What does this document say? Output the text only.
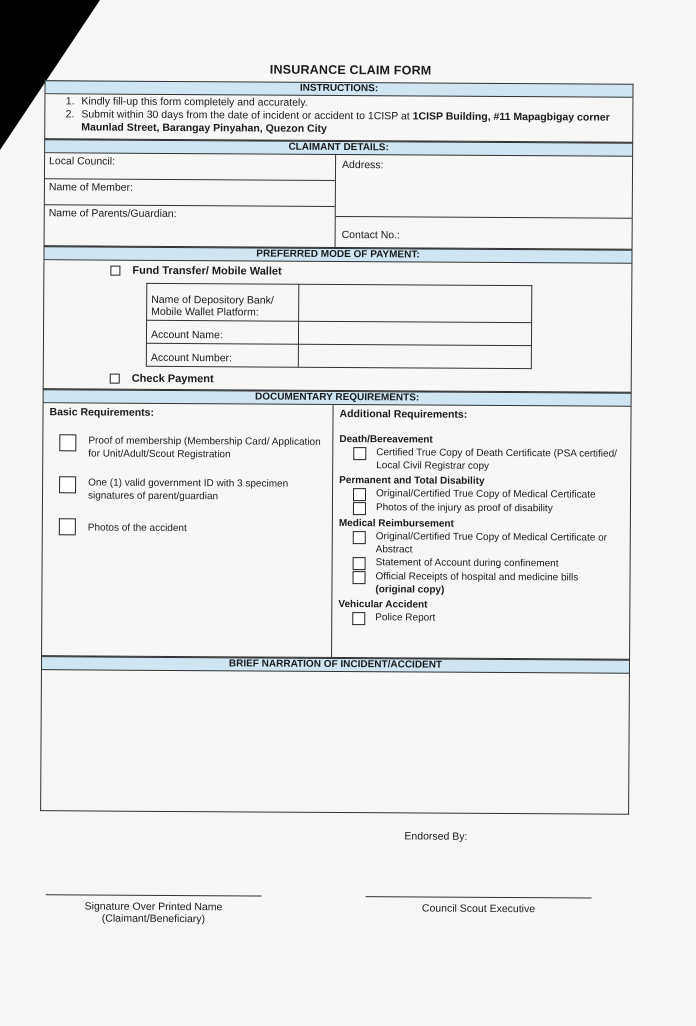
INSURANCE CLAIM FORM
INSTRUCTIONS:
1. Kindly fill-up this form completely and accurately.
2. Submit within 30 days from the date of incident or accident to 1CISP at 1CISP Building, #11 Mapagbigay corner Maunlad Street, Barangay Pinyahan, Quezon City
CLAIMANT DETAILS:
Local Council:
Name of Member:
Name of Parents/Guardian:
Address:
Contact No.:
PREFERRED MODE OF PAYMENT:
Fund Transfer/ Mobile Wallet
Name of Depository Bank/ Mobile Wallet Platform:	
Account Name:	
Account Number:	
Check Payment
DOCUMENTARY REQUIREMENTS:
Basic Requirements:
Proof of membership (Membership Card/ Application for Unit/Adult/Scout Registration
One (1) valid government ID with 3 specimen signatures of parent/guardian
Photos of the accident
Additional Requirements:
Death/Bereavement
Certified True Copy of Death Certificate (PSA certified/ Local Civil Registrar copy
Permanent and Total Disability
Original/Certified True Copy of Medical Certificate
Photos of the injury as proof of disability
Medical Reimbursement
Original/Certified True Copy of Medical Certificate or Abstract
Statement of Account during confinement
Official Receipts of hospital and medicine bills
(original copy)
Vehicular Accident
Police Report
BRIEF NARRATION OF INCIDENT/ACCIDENT
Endorsed By:
Signature Over Printed Name
(Claimant/Beneficiary)
Council Scout Executive
